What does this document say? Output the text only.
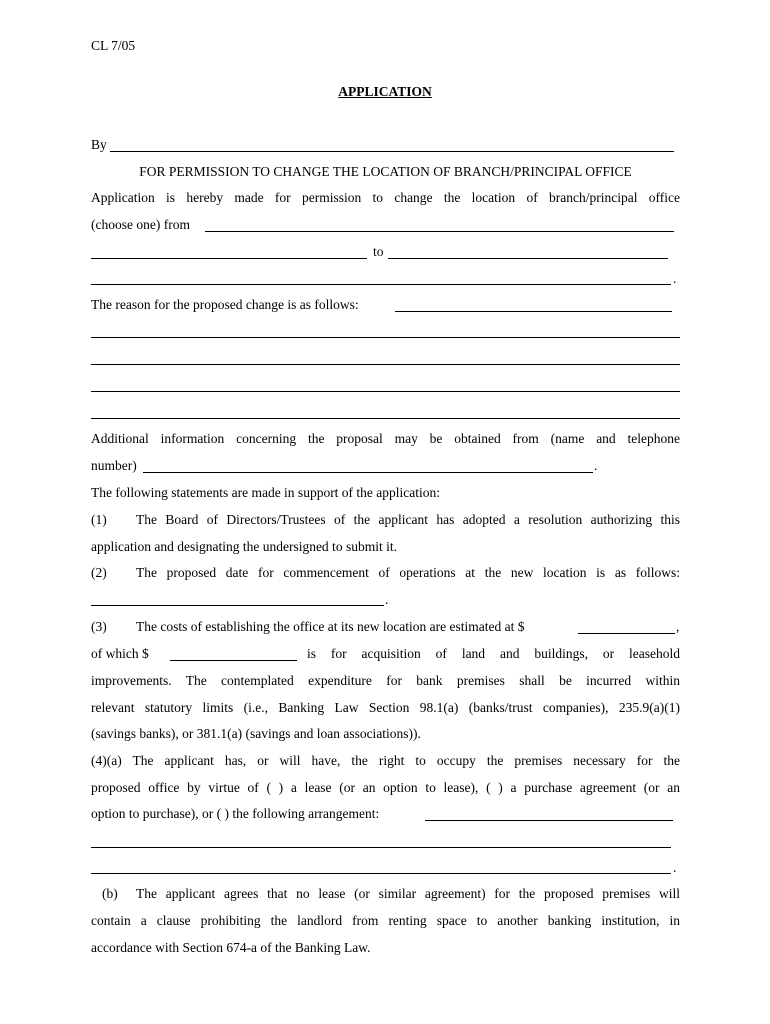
CL 7/05
APPLICATION
By
FOR PERMISSION TO CHANGE THE LOCATION OF BRANCH/PRINCIPAL OFFICE
Application is hereby made for permission to change the location of branch/principal office
(choose one) from
to
.
The reason for the proposed change is as follows:
Additional information concerning the proposal may be obtained from (name and telephone
number)	.
The following statements are made in support of the application:
(1) The Board of Directors/Trustees of the applicant has adopted a resolution authorizing this
application and designating the undersigned to submit it.
(2) The proposed date for commencement of operations at the new location is as follows:
.
(3) The costs of establishing the office at its new location are estimated at $	,
of which $	is for acquisition of land and buildings, or leasehold
improvements. The contemplated expenditure for bank premises shall be incurred within
relevant statutory limits (i.e., Banking Law Section 98.1(a) (banks/trust companies), 235.9(a)(1)
(savings banks), or 381.1(a) (savings and loan associations)).
(4)(a) The applicant has, or will have, the right to occupy the premises necessary for the
proposed office by virtue of ( ) a lease (or an option to lease), ( ) a purchase agreement (or an
option to purchase), or ( ) the following arrangement:
.
(b) The applicant agrees that no lease (or similar agreement) for the proposed premises will
contain a clause prohibiting the landlord from renting space to another banking institution, in
accordance with Section 674-a of the Banking Law.
